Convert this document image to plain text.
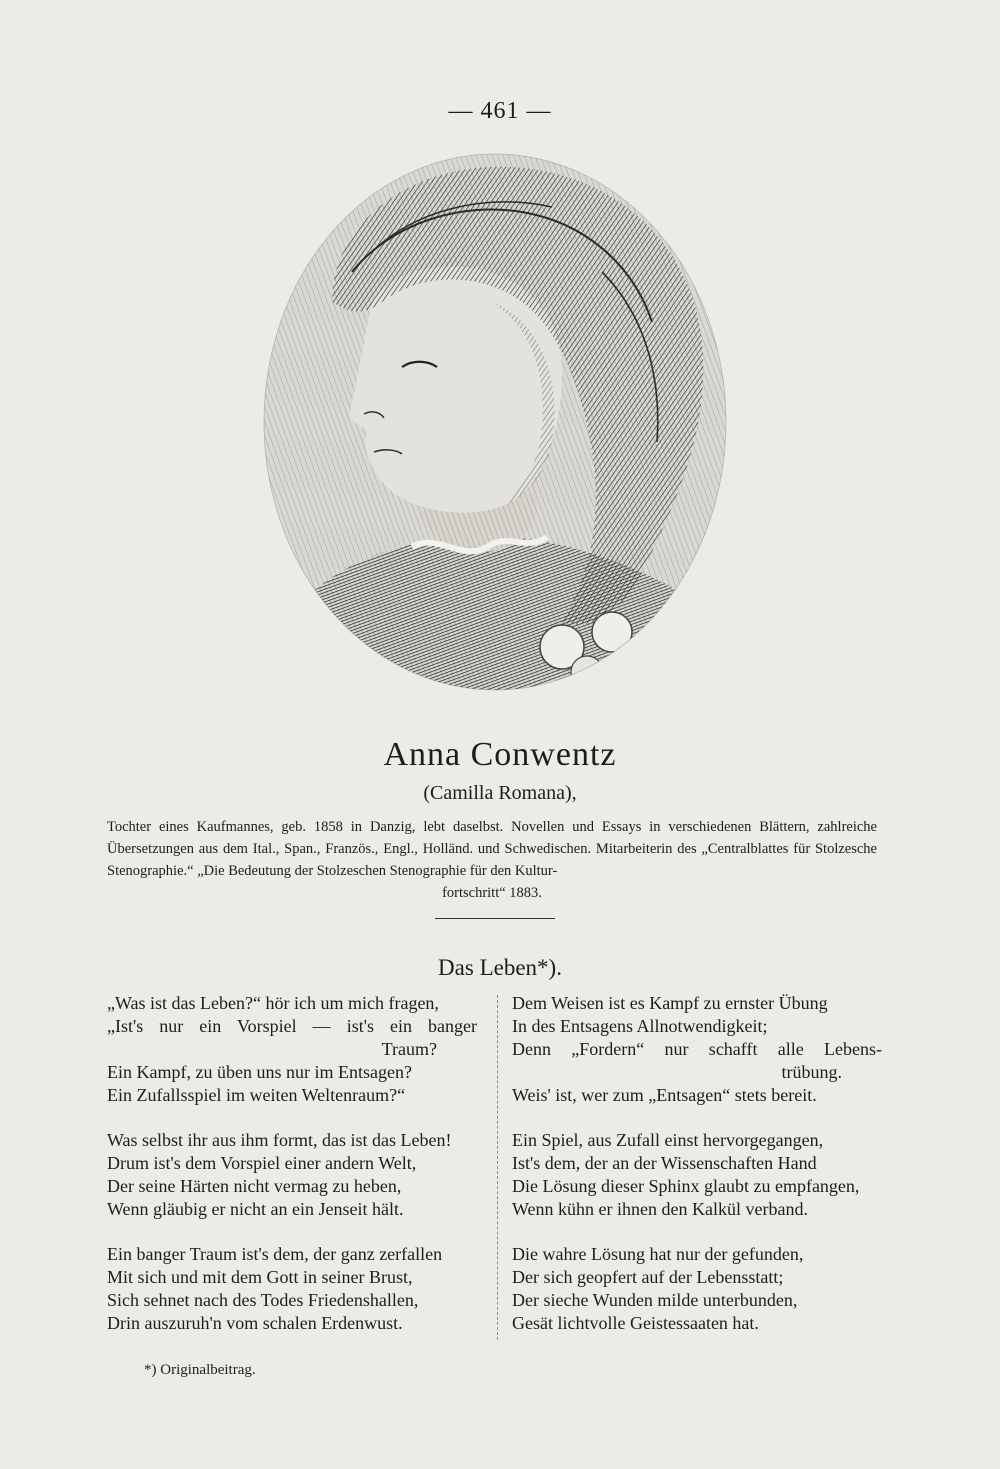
— 461 —
Anna Conwentz
(Camilla Romana),
Tochter eines Kaufmannes, geb. 1858 in Danzig, lebt daselbst. Novellen und Essays in verschiedenen Blättern, zahlreiche Übersetzungen aus dem Ital., Span., Französ., Engl., Holländ. und Schwedischen. Mitarbeiterin des „Centralblattes für Stolzesche Stenographie.“ „Die Bedeutung der Stolzeschen Stenographie für den Kultur-
fortschritt“ 1883.
Das Leben*).
„Was ist das Leben?“ hör ich um mich fragen,
„Ist's nur ein Vorspiel — ist's ein banger
Traum?
Ein Kampf, zu üben uns nur im Entsagen?
Ein Zufallsspiel im weiten Weltenraum?“
Was selbst ihr aus ihm formt, das ist das Leben!
Drum ist's dem Vorspiel einer andern Welt,
Der seine Härten nicht vermag zu heben,
Wenn gläubig er nicht an ein Jenseit hält.
Ein banger Traum ist's dem, der ganz zerfallen
Mit sich und mit dem Gott in seiner Brust,
Sich sehnet nach des Todes Friedenshallen,
Drin auszuruh'n vom schalen Erdenwust.
Dem Weisen ist es Kampf zu ernster Übung
In des Entsagens Allnotwendigkeit;
Denn „Fordern“ nur schafft alle Lebens-
trübung.
Weis' ist, wer zum „Entsagen“ stets bereit.
Ein Spiel, aus Zufall einst hervorgegangen,
Ist's dem, der an der Wissenschaften Hand
Die Lösung dieser Sphinx glaubt zu empfangen,
Wenn kühn er ihnen den Kalkül verband.
Die wahre Lösung hat nur der gefunden,
Der sich geopfert auf der Lebensstatt;
Der sieche Wunden milde unterbunden,
Gesät lichtvolle Geistessaaten hat.
*) Originalbeitrag.
